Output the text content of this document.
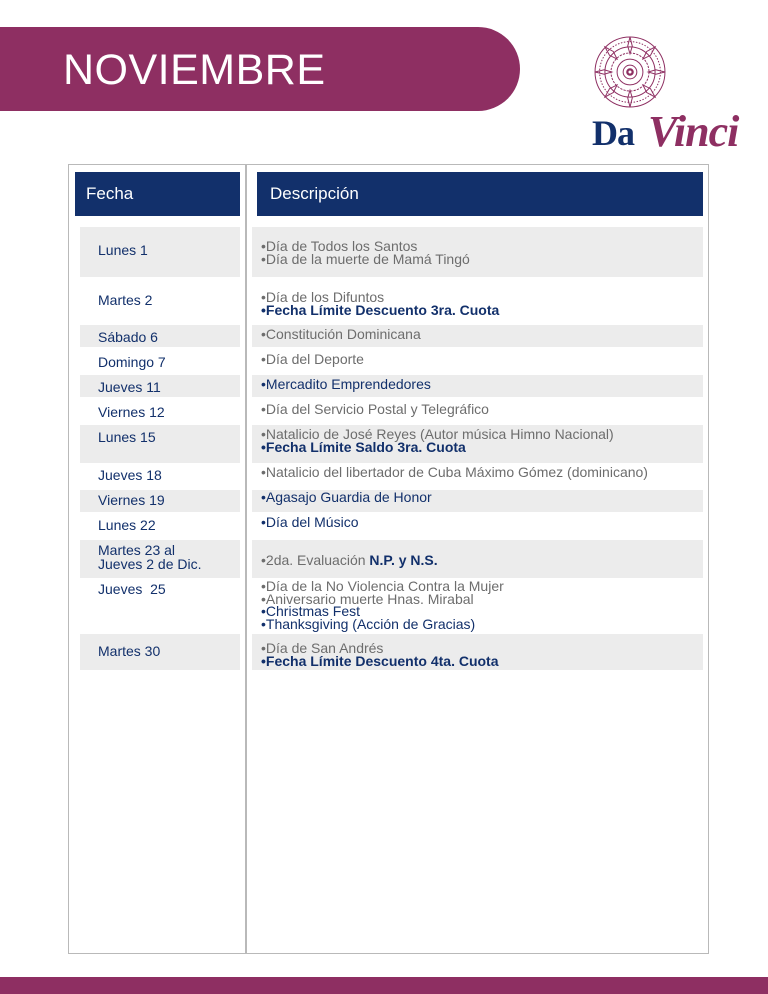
NOVIEMBRE
Da Vinci
Fecha	Descripción
Lunes 1	•Día de Todos los Santos
•Día de la muerte de Mamá Tingó
Martes 2	•Día de los Difuntos
•Fecha Límite Descuento 3ra. Cuota
Sábado 6	•Constitución Dominicana
Domingo 7	•Día del Deporte
Jueves 11	•Mercadito Emprendedores
Viernes 12	•Día del Servicio Postal y Telegráfico
Lunes 15	•Natalicio de José Reyes (Autor música Himno Nacional)
•Fecha Límite Saldo 3ra. Cuota
Jueves 18	•Natalicio del libertador de Cuba Máximo Gómez (dominicano)
Viernes 19	•Agasajo Guardia de Honor
Lunes 22	•Día del Músico
Martes 23 al
Jueves 2 de Dic.	•2da. Evaluación N.P. y N.S.
Jueves  25	•Día de la No Violencia Contra la Mujer
•Aniversario muerte Hnas. Mirabal
•Christmas Fest
•Thanksgiving (Acción de Gracias)
Martes 30	•Día de San Andrés
•Fecha Límite Descuento 4ta. Cuota
